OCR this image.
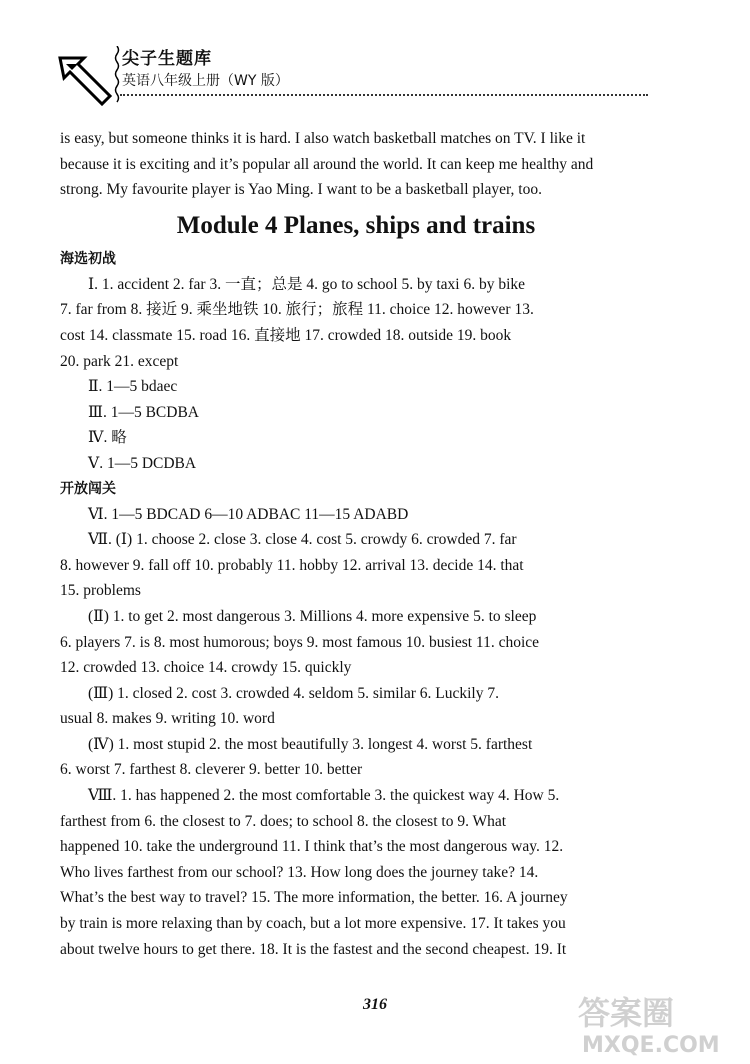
尖子生题库
英语八年级上册（WY 版）

is easy, but someone thinks it is hard. I also watch basketball matches on TV. I like it

because it is exciting and it’s popular all around the world. It can keep me healthy and

strong. My favourite player is Yao Ming. I want to be a basketball player, too.

Module 4 Planes, ships and trains

海选初战

Ⅰ. 1. accident 2. far 3. 一直；总是 4. go to school 5. by taxi 6. by bike

7. far from 8. 接近 9. 乘坐地铁 10. 旅行；旅程 11. choice 12. however 13.

cost 14. classmate 15. road 16. 直接地 17. crowded 18. outside 19. book

20. park 21. except

Ⅱ. 1—5 bdaec

Ⅲ. 1—5 BCDBA

Ⅳ. 略

Ⅴ. 1—5 DCDBA

开放闯关

Ⅵ. 1—5 BDCAD 6—10 ADBAC 11—15 ADABD

Ⅶ. (Ⅰ) 1. choose 2. close 3. close 4. cost 5. crowdy 6. crowded 7. far

8. however 9. fall off 10. probably 11. hobby 12. arrival 13. decide 14. that

15. problems

(Ⅱ) 1. to get 2. most dangerous 3. Millions 4. more expensive 5. to sleep

6. players 7. is 8. most humorous; boys 9. most famous 10. busiest 11. choice

12. crowded 13. choice 14. crowdy 15. quickly

(Ⅲ) 1. closed 2. cost 3. crowded 4. seldom 5. similar 6. Luckily 7.

usual 8. makes 9. writing 10. word

(Ⅳ) 1. most stupid 2. the most beautifully 3. longest 4. worst 5. farthest

6. worst 7. farthest 8. cleverer 9. better 10. better

Ⅷ. 1. has happened 2. the most comfortable 3. the quickest way 4. How 5.

farthest from 6. the closest to 7. does; to school 8. the closest to 9. What

happened 10. take the underground 11. I think that’s the most dangerous way. 12.

Who lives farthest from our school? 13. How long does the journey take? 14.

What’s the best way to travel? 15. The more information, the better. 16. A journey

by train is more relaxing than by coach, but a lot more expensive. 17. It takes you

about twelve hours to get there. 18. It is the fastest and the second cheapest. 19. It

316	答案圈
MXQE.COM
